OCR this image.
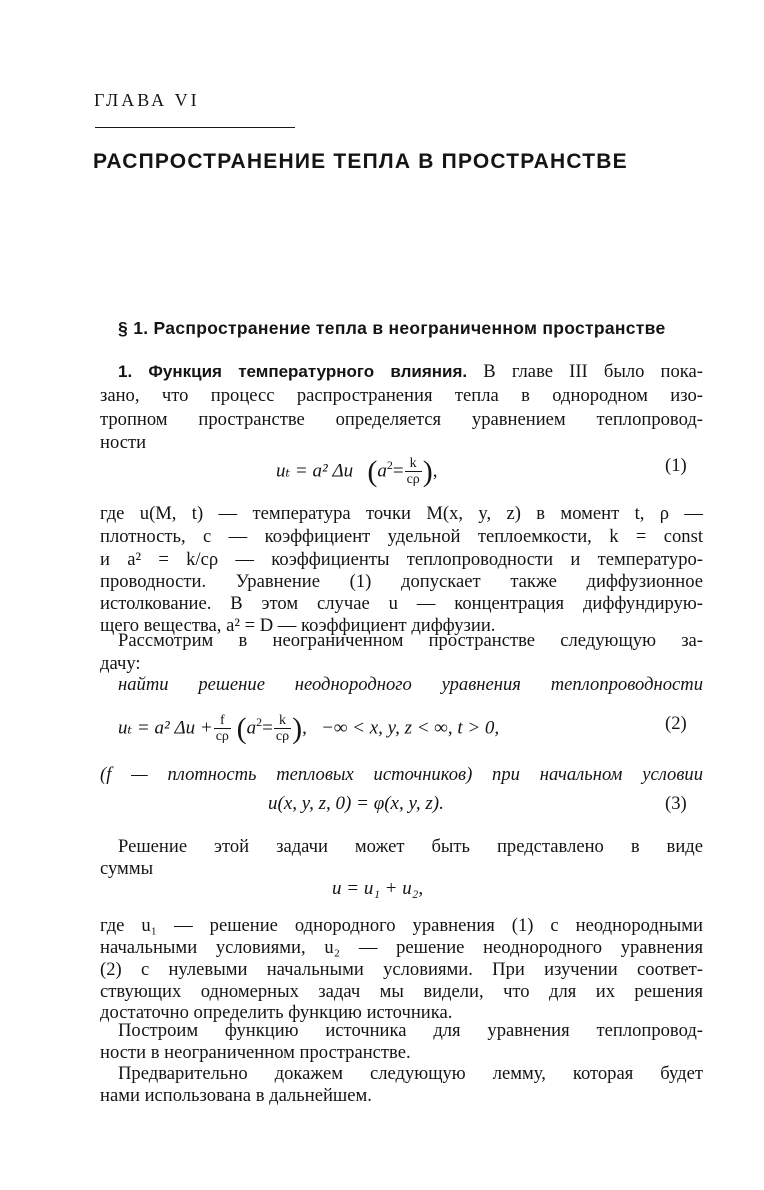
ГЛАВА VI
РАСПРОСТРАНЕНИЕ ТЕПЛА В ПРОСТРАНСТВЕ
§ 1. Распространение тепла в неограниченном пространстве
1. Функция температурного влияния. В главе III было пока-
зано, что процесс распространения тепла в однородном изо-
тропном пространстве определяется уравнением теплопровод-
ности
uₜ = a² Δu ($a^2= \frac{k}{c\rho}$ ),	(1)
где u(M, t) — температура точки M(x, y, z) в момент t, ρ —
плотность, c — коэффициент удельной теплоемкости, k = const
и a² = k/cρ — коэффициенты теплопроводности и температуро-
проводности. Уравнение (1) допускает также диффузионное
истолкование. В этом случае u — концентрация диффундирую-
щего вещества, a² = D — коэффициент диффузии.
Рассмотрим в неограниченном пространстве следующую за-
дачу:
найти решение неоднородного уравнения теплопроводности
uₜ = a² $\Delta u + \frac{f}{c\rho} (a^2= \frac{k}{c\rho}$ ),   −∞ < x, y, z < ∞, t > 0,	(2)
(f — плотность тепловых источников) при начальном условии
u(x, y, z, 0) = φ(x, y, z).	(3)
Решение этой задачи может быть представлено в виде
суммы
u = u₁ + u₂,
где u₁ — решение однородного уравнения (1) с неоднородными
начальными условиями, u₂ — решение неоднородного уравнения
(2) с нулевыми начальными условиями. При изучении соответ-
ствующих одномерных задач мы видели, что для их решения
достаточно определить функцию источника.
Построим функцию источника для уравнения теплопровод-
ности в неограниченном пространстве.
Предварительно докажем следующую лемму, которая будет
нами использована в дальнейшем.
